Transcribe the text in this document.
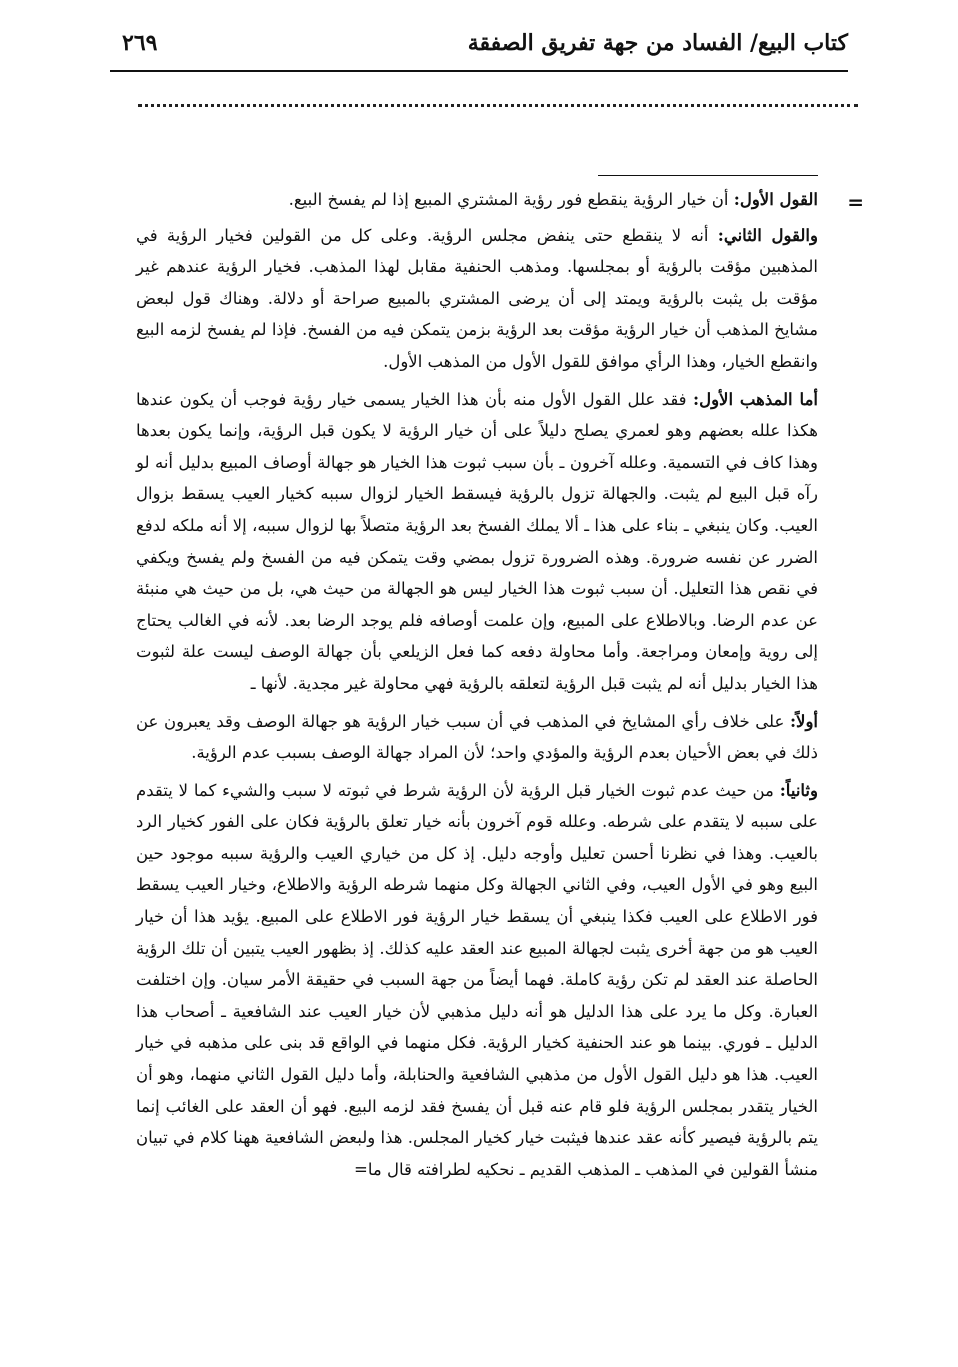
كتاب البيع/ الفساد من جهة تفريق الصفقة
٢٦٩
=

القول الأول: أن خيار الرؤية ينقطع فور رؤية المشتري المبيع إذا لم يفسخ البيع.

والقول الثاني: أنه لا ينقطع حتى ينفض مجلس الرؤية. وعلى كل من القولين فخيار الرؤية في المذهبين مؤقت بالرؤية أو بمجلسها. ومذهب الحنفية مقابل لهذا المذهب. فخيار الرؤية عندهم غير مؤقت بل يثبت بالرؤية ويمتد إلى أن يرضى المشتري بالمبيع صراحة أو دلالة. وهناك قول لبعض مشايخ المذهب أن خيار الرؤية مؤقت بعد الرؤية بزمن يتمكن فيه من الفسخ. فإذا لم يفسخ لزمه البيع وانقطع الخيار، وهذا الرأي موافق للقول الأول من المذهب الأول.

أما المذهب الأول: فقد علل القول الأول منه بأن هذا الخيار يسمى خيار رؤية فوجب أن يكون عندها هكذا علله بعضهم وهو لعمري يصلح دليلاً على أن خيار الرؤية لا يكون قبل الرؤية، وإنما يكون بعدها وهذا كاف في التسمية. وعلله آخرون ـ بأن سبب ثبوت هذا الخيار هو جهالة أوصاف المبيع بدليل أنه لو رآه قبل البيع لم يثبت. والجهالة تزول بالرؤية فيسقط الخيار لزوال سببه كخيار العيب يسقط بزوال العيب. وكان ينبغي ـ بناء على هذا ـ ألا يملك الفسخ بعد الرؤية متصلاً بها لزوال سببه، إلا أنه ملكه لدفع الضرر عن نفسه ضرورة. وهذه الضرورة تزول بمضي وقت يتمكن فيه من الفسخ ولم يفسخ ويكفي في نقص هذا التعليل. أن سبب ثبوت هذا الخيار ليس هو الجهالة من حيث هي، بل من حيث هي منبئة عن عدم الرضا. وبالاطلاع على المبيع، وإن علمت أوصافه فلم يوجد الرضا بعد. لأنه في الغالب يحتاج إلى روية وإمعان ومراجعة. وأما محاولة دفعه كما فعل الزيلعي بأن جهالة الوصف ليست علة لثبوت هذا الخيار بدليل أنه لم يثبت قبل الرؤية لتعلقه بالرؤية فهي محاولة غير مجدية. لأنها ـ

أولاً: على خلاف رأي المشايخ في المذهب في أن سبب خيار الرؤية هو جهالة الوصف وقد يعبرون عن ذلك في بعض الأحيان بعدم الرؤية والمؤدي واحد؛ لأن المراد جهالة الوصف بسبب عدم الرؤية.

وثانياً: من حيث عدم ثبوت الخيار قبل الرؤية لأن الرؤية شرط في ثبوته لا سبب والشيء كما لا يتقدم على سببه لا يتقدم على شرطه. وعلله قوم آخرون بأنه خيار تعلق بالرؤية فكان على الفور كخيار الرد بالعيب. وهذا في نظرنا أحسن تعليل وأوجه دليل. إذ كل من خياري العيب والرؤية سببه موجود حين البيع وهو في الأول العيب، وفي الثاني الجهالة وكل منهما شرطه الرؤية والاطلاع، وخيار العيب يسقط فور الاطلاع على العيب فكذا ينبغي أن يسقط خيار الرؤية فور الاطلاع على المبيع. يؤيد هذا أن خيار العيب هو من جهة أخرى يثبت لجهالة المبيع عند العقد عليه كذلك. إذ بظهور العيب يتبين أن تلك الرؤية الحاصلة عند العقد لم تكن رؤية كاملة. فهما أيضاً من جهة السبب في حقيقة الأمر سيان. وإن اختلفت العبارة. وكل ما يرد على هذا الدليل هو أنه دليل مذهبي لأن خيار العيب عند الشافعية ـ أصحاب هذا الدليل ـ فوري. بينما هو عند الحنفية كخيار الرؤية. فكل منهما في الواقع قد بنى على مذهبه في خيار العيب. هذا هو دليل القول الأول من مذهبي الشافعية والحنابلة، وأما دليل القول الثاني منهما، وهو أن الخيار يتقدر بمجلس الرؤية فلو قام عنه قبل أن يفسخ فقد لزمه البيع. فهو أن العقد على الغائب إنما يتم بالرؤية فيصير كأنه عقد عندها فيثبت خيار كخيار المجلس. هذا ولبعض الشافعية ههنا كلام في تبيان منشأ القولين في المذهب ـ المذهب القديم ـ نحكيه لطرافته قال ما=
